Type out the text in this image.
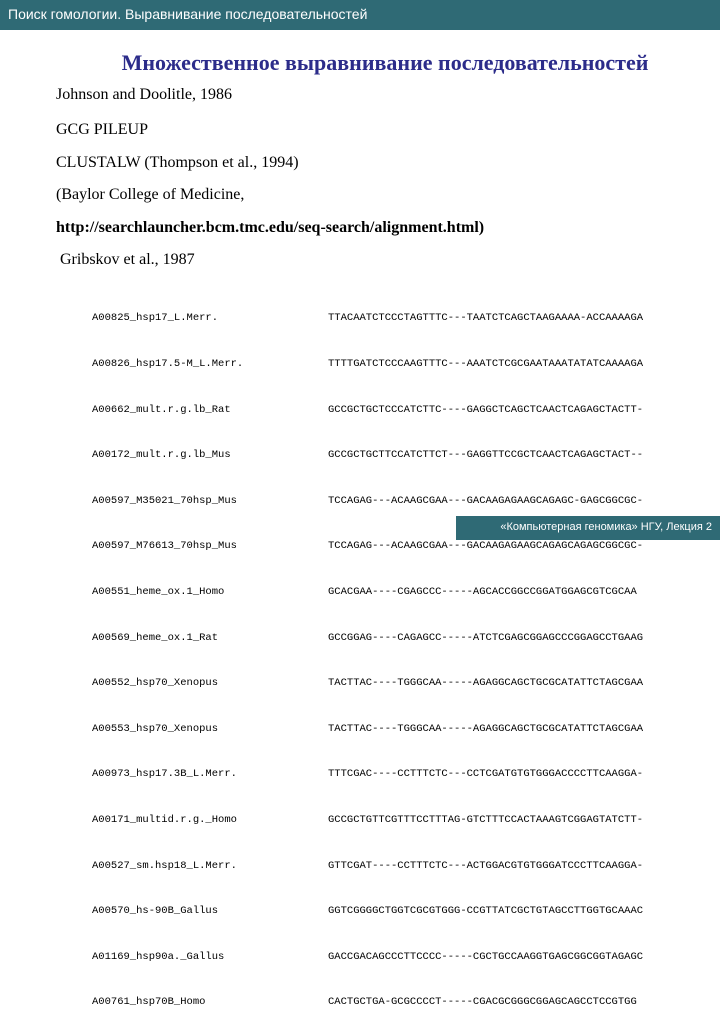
Поиск гомологии. Выравнивание последовательностей
Множественное выравнивание последовательностей
Johnson and Doolitle, 1986
GCG PILEUP
CLUSTALW (Thompson et al., 1994)
(Baylor College of Medicine,
http://searchlauncher.bcm.tmc.edu/seq-search/alignment.html)
Gribskov et al., 1987

A00825_hsp17_L.Merr.	TTACAATCTCCCTAGTTTC---TAATCTCAGCTAAGAAAA-ACCAAAAGA

A00826_hsp17.5-M_L.Merr.	TTTTGATCTCCCAAGTTTC---AAATCTCGCGAATAAATATATCAAAAGA

A00662_mult.r.g.lb_Rat	GCCGCTGCTCCCATCTTC----GAGGCTCAGCTCAACTCAGAGCTACTT-

A00172_mult.r.g.lb_Mus	GCCGCTGCTTCCATCTTCT---GAGGTTCCGCTCAACTCAGAGCTACT--

A00597_M35021_70hsp_Mus	TCCAGAG---ACAAGCGAA---GACAAGAGAAGCAGAGC-GAGCGGCGC-

A00597_M76613_70hsp_Mus	TCCAGAG---ACAAGCGAA---GACAAGAGAAGCAGAGCAGAGCGGCGC-

A00551_heme_ox.1_Homo	GCACGAA----CGAGCCC-----AGCACCGGCCGGATGGAGCGTCGCAA

A00569_heme_ox.1_Rat	GCCGGAG----CAGAGCC-----ATCTCGAGCGGAGCCCGGAGCCTGAAG

A00552_hsp70_Xenopus	TACTTAC----TGGGCAA-----AGAGGCAGCTGCGCATATTCTAGCGAA

A00553_hsp70_Xenopus	TACTTAC----TGGGCAA-----AGAGGCAGCTGCGCATATTCTAGCGAA

A00973_hsp17.3B_L.Merr.	TTTCGAC----CCTTTCTC---CCTCGATGTGTGGGACCCCTTCAAGGA-

A00171_multid.r.g._Homo	GCCGCTGTTCGTTTCCTTTAG-GTCTTTCCACTAAAGTCGGAGTATCTT-

A00527_sm.hsp18_L.Merr.	GTTCGAT----CCTTTCTC---ACTGGACGTGTGGGATCCCTTCAAGGA-

A00570_hs-90B_Gallus	GGTCGGGGCTGGTCGCGTGGG-CCGTTATCGCTGTAGCCTTGGTGCAAAC

A01169_hsp90a._Gallus	GACCGACAGCCCTTCCCC-----CGCTGCCAAGGTGAGCGGCGGTAGAGC

A00761_hsp70B_Homo	CACTGCTGA-GCGCCCCT-----CGACGCGGGCGGAGCAGCCTCCGTGG

«Компьютерная геномика» НГУ, Лекция 2
